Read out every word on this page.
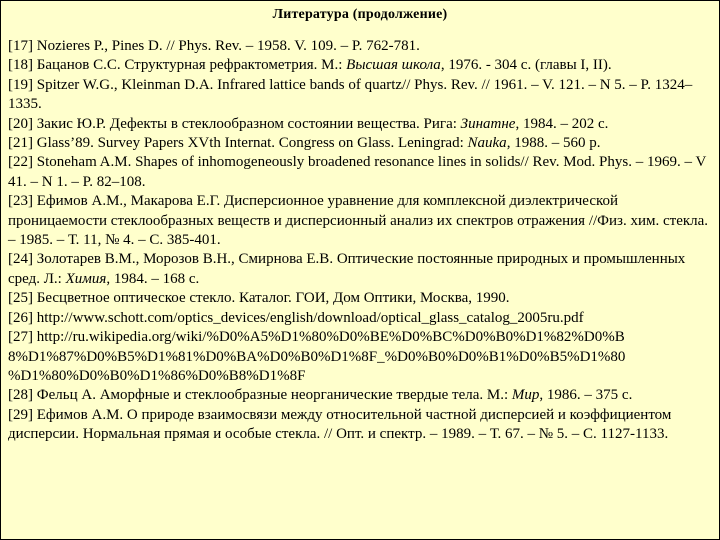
Литература (продолжение)

[17] Nozieres P., Pines D. // Phys. Rev. – 1958. V. 109. – P. 762-781.

[18] Бацанов С.С. Структурная рефрактометрия. М.: Высшая школа, 1976. - 304 с. (главы I, II).

[19] Spitzer W.G., Kleinman D.A. Infrared lattice bands of quartz// Phys. Rev. // 1961. – V. 121. – N 5. – P. 1324–1335.

[20] Закис Ю.Р. Дефекты в стеклообразном состоянии вещества. Рига: Зинатне, 1984. – 202 с.

[21] Glass’89. Survey Papers XVth Internat. Congress on Glass. Leningrad: Nauka, 1988. – 560 p.

[22] Stoneham A.M. Shapes of inhomogeneously broadened resonance lines in solids// Rev. Mod. Phys. – 1969. – V 41. – N 1. – P. 82–108.

[23] Ефимов А.М., Макарова Е.Г. Дисперсионное уравнение для комплексной диэлектрической проницаемости стеклообразных веществ и дисперсионный анализ их спектров отражения //Физ. хим. стекла. – 1985. – Т. 11, № 4. – С. 385-401.

[24] Золотарев В.М., Морозов В.Н., Смирнова Е.В. Оптические постоянные природных и промышленных сред. Л.: Химия, 1984. – 168 с.

[25] Бесцветное оптическое стекло. Каталог. ГОИ, Дом Оптики, Москва, 1990.

[26] http://www.schott.com/optics_devices/english/download/optical_glass_catalog_2005ru.pdf

[27] http://ru.wikipedia.org/wiki/%D0%A5%D1%80%D0%BE%D0%BC%D0%B0%D1%82%D0%B 8%D1%87%D0%B5%D1%81%D0%BA%D0%B0%D1%8F_%D0%B0%D0%B1%D0%B5%D1%80 %D1%80%D0%B0%D1%86%D0%B8%D1%8F

[28] Фельц А. Аморфные и стеклообразные неорганические твердые тела. М.: Мир, 1986. – 375 с.

[29] Ефимов А.М. О природе взаимосвязи между относительной частной дисперсией и коэффициентом дисперсии. Нормальная прямая и особые стекла. // Опт. и спектр. – 1989. – Т. 67. – № 5. – С. 1127-1133.
